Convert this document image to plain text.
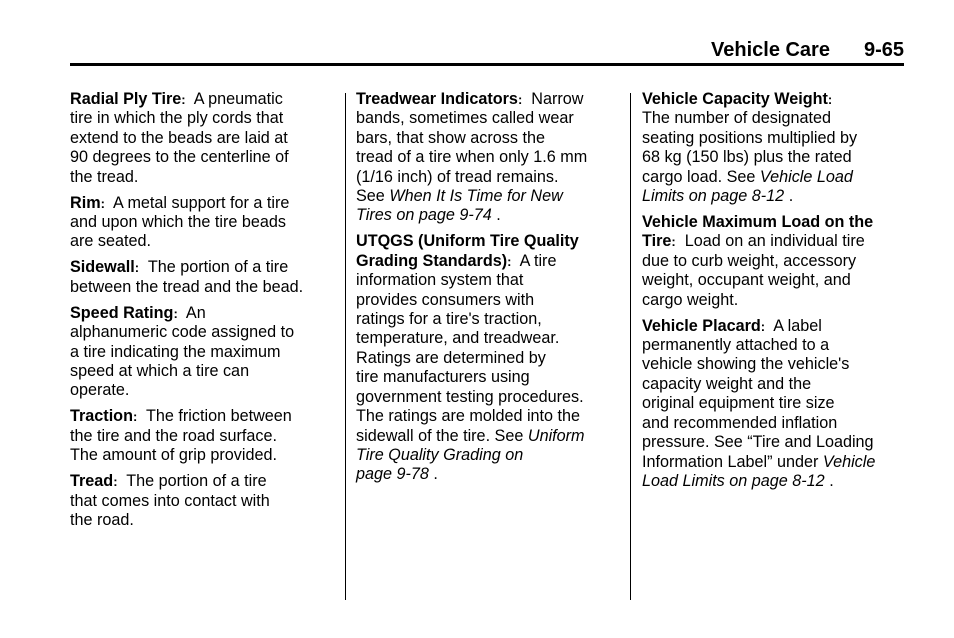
Vehicle Care 9-65
Radial Ply Tire: A pneumatic
tire in which the ply cords that
extend to the beads are laid at
90 degrees to the centerline of
the tread.
Rim: A metal support for a tire
and upon which the tire beads
are seated.
Sidewall: The portion of a tire
between the tread and the bead.
Speed Rating: An
alphanumeric code assigned to
a tire indicating the maximum
speed at which a tire can
operate.
Traction: The friction between
the tire and the road surface.
The amount of grip provided.
Tread: The portion of a tire
that comes into contact with
the road.
Treadwear Indicators: Narrow
bands, sometimes called wear
bars, that show across the
tread of a tire when only 1.6 mm
(1/16 inch) of tread remains.
See When It Is Time for New
Tires on page 9-74 .
UTQGS (Uniform Tire Quality
Grading Standards): A tire
information system that
provides consumers with
ratings for a tire's traction,
temperature, and treadwear.
Ratings are determined by
tire manufacturers using
government testing procedures.
The ratings are molded into the
sidewall of the tire. See Uniform
Tire Quality Grading on
page 9-78 .
Vehicle Capacity Weight:
The number of designated
seating positions multiplied by
68 kg (150 lbs) plus the rated
cargo load. See Vehicle Load
Limits on page 8-12 .
Vehicle Maximum Load on the
Tire: Load on an individual tire
due to curb weight, accessory
weight, occupant weight, and
cargo weight.
Vehicle Placard: A label
permanently attached to a
vehicle showing the vehicle's
capacity weight and the
original equipment tire size
and recommended inflation
pressure. See “Tire and Loading
Information Label” under Vehicle
Load Limits on page 8-12 .
